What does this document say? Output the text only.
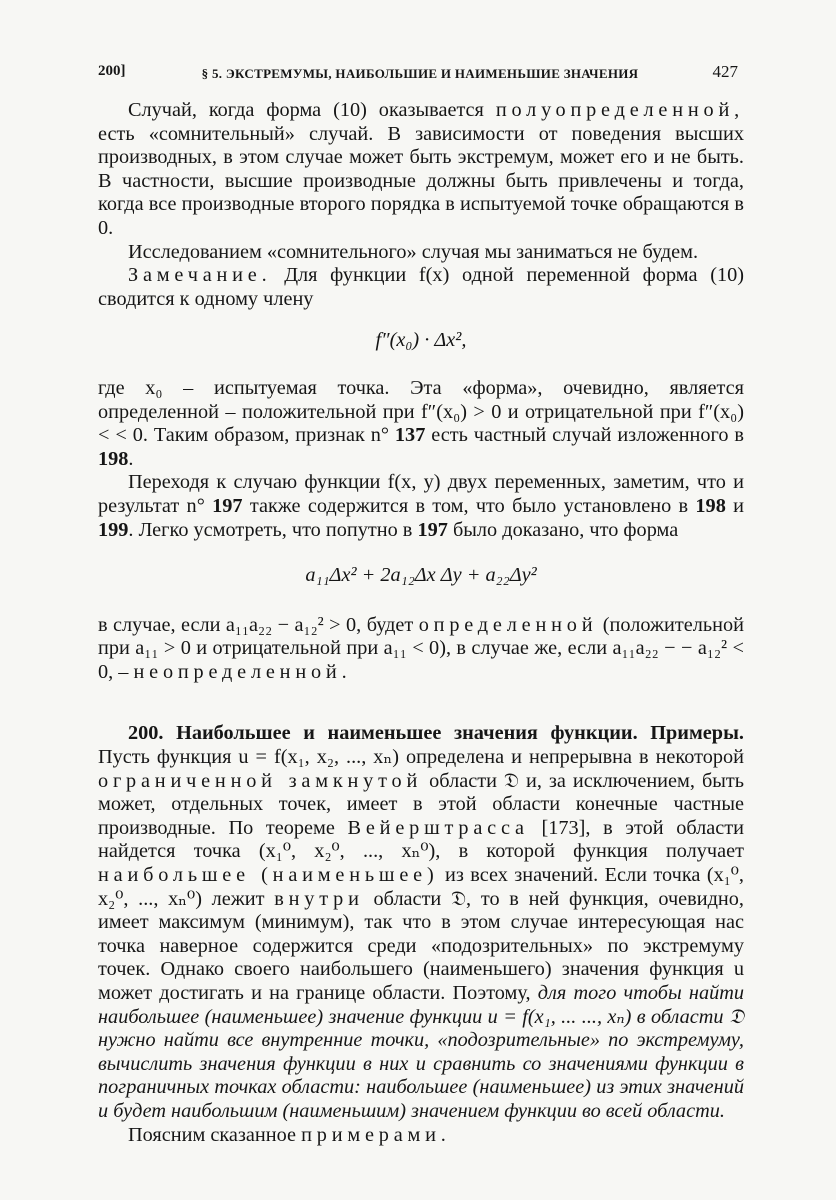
200]	§ 5. ЭКСТРЕМУМЫ, НАИБОЛЬШИЕ И НАИМЕНЬШИЕ ЗНАЧЕНИЯ	427

Случай, когда форма (10) оказывается полуопределенной, есть «сомнительный» случай. В зависимости от поведения высших производных, в этом случае может быть экстремум, может его и не быть. В частности, высшие производные должны быть привлечены и тогда, когда все производные второго порядка в испытуемой точке обращаются в 0.

Исследованием «сомнительного» случая мы заниматься не будем.

Замечание. Для функции f(x) одной переменной форма (10) сводится к одному члену

f″(x₀) · Δx²,

где x₀ – испытуемая точка. Эта «форма», очевидно, является определенной – положительной при f″(x₀) > 0 и отрицательной при f″(x₀) < < 0. Таким образом, признак n° 137 есть частный случай изложенного в 198.

Переходя к случаю функции f(x, y) двух переменных, заметим, что и результат n° 197 также содержится в том, что было установлено в 198 и 199. Легко усмотреть, что попутно в 197 было доказано, что форма

a₁₁Δx² + 2a₁₂Δx Δy + a₂₂Δy²

в случае, если a₁₁a₂₂ − a₁₂² > 0, будет определенной (положительной при a₁₁ > 0 и отрицательной при a₁₁ < 0), в случае же, если a₁₁a₂₂ − − a₁₂² < 0, – неопределенной.

200. Наибольшее и наименьшее значения функции. Примеры. Пусть функция u = f(x₁, x₂, ..., xₙ) определена и непрерывна в некоторой ограниченной замкнутой области 𝔇 и, за исключением, быть может, отдельных точек, имеет в этой области конечные частные производные. По теореме Вейерштрасса [173], в этой области найдется точка (x₁⁰, x₂⁰, ..., xₙ⁰), в которой функция получает наибольшее (наименьшее) из всех значений. Если точка (x₁⁰, x₂⁰, ..., xₙ⁰) лежит внутри области 𝔇, то в ней функция, очевидно, имеет максимум (минимум), так что в этом случае интересующая нас точка наверное содержится среди «подозрительных» по экстремуму точек. Однако своего наибольшего (наименьшего) значения функция u может достигать и на границе области. Поэтому, для того чтобы найти наибольшее (наименьшее) значение функции u = f(x₁, ... ..., xₙ) в области 𝔇 нужно найти все внутренние точки, «подозрительные» по экстремуму, вычислить значения функции в них и сравнить со значениями функции в пограничных точках области: наибольшее (наименьшее) из этих значений и будет наибольшим (наименьшим) значением функции во всей области.

Поясним сказанное примерами.
